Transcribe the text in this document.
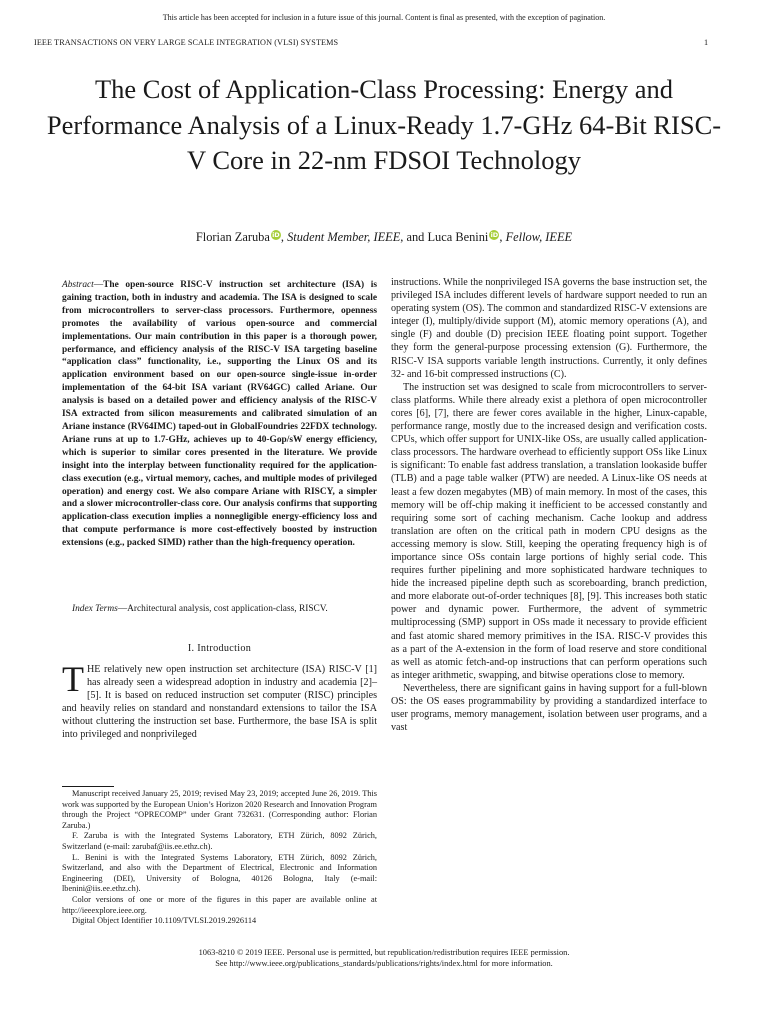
This article has been accepted for inclusion in a future issue of this journal. Content is final as presented, with the exception of pagination.
IEEE TRANSACTIONS ON VERY LARGE SCALE INTEGRATION (VLSI) SYSTEMS	1
The Cost of Application-Class Processing: Energy and Performance Analysis of a Linux-Ready 1.7-GHz 64-Bit RISC-V Core in 22-nm FDSOI Technology
Florian Zaruba iD, Student Member, IEEE, and Luca Benini iD, Fellow, IEEE
Abstract—The open-source RISC-V instruction set architecture (ISA) is gaining traction, both in industry and academia. The ISA is designed to scale from microcontrollers to server-class processors. Furthermore, openness promotes the availability of various open-source and commercial implementations. Our main contribution in this paper is a thorough power, performance, and efficiency analysis of the RISC-V ISA targeting baseline “application class” functionality, i.e., supporting the Linux OS and its application environment based on our open-source single-issue in-order implementation of the 64-bit ISA variant (RV64GC) called Ariane. Our analysis is based on a detailed power and efficiency analysis of the RISC-V ISA extracted from silicon measurements and calibrated simulation of an Ariane instance (RV64IMC) taped-out in GlobalFoundries 22FDX technology. Ariane runs at up to 1.7-GHz, achieves up to 40-Gop/sW energy efficiency, which is superior to similar cores presented in the literature. We provide insight into the interplay between functionality required for the application-class execution (e.g., virtual memory, caches, and multiple modes of privileged operation) and energy cost. We also compare Ariane with RISCY, a simpler and a slower microcontroller-class core. Our analysis confirms that supporting application-class execution implies a nonnegligible energy-efficiency loss and that compute performance is more cost-effectively boosted by instruction extensions (e.g., packed SIMD) rather than the high-frequency operation.
Index Terms—Architectural analysis, cost application-class, RISCV.
I. Introduction
THE relatively new open instruction set architecture (ISA) RISC-V [1] has already seen a widespread adoption in industry and academia [2]–[5]. It is based on reduced instruction set computer (RISC) principles and heavily relies on standard and nonstandard extensions to tailor the ISA without cluttering the instruction set base. Furthermore, the base ISA is split into privileged and nonprivileged

Manuscript received January 25, 2019; revised May 23, 2019; accepted June 26, 2019. This work was supported by the European Union’s Horizon 2020 Research and Innovation Program through the Project “OPRECOMP” under Grant 732631. (Corresponding author: Florian Zaruba.)

F. Zaruba is with the Integrated Systems Laboratory, ETH Zürich, 8092 Zürich, Switzerland (e-mail: zarubaf@iis.ee.ethz.ch).

L. Benini is with the Integrated Systems Laboratory, ETH Zürich, 8092 Zürich, Switzerland, and also with the Department of Electrical, Electronic and Information Engineering (DEI), University of Bologna, 40126 Bologna, Italy (e-mail: lbenini@iis.ee.ethz.ch).

Color versions of one or more of the figures in this paper are available online at http://ieeexplore.ieee.org.

Digital Object Identifier 10.1109/TVLSI.2019.2926114

instructions. While the nonprivileged ISA governs the base instruction set, the privileged ISA includes different levels of hardware support needed to run an operating system (OS). The common and standardized RISC-V extensions are integer (I), multiply/divide support (M), atomic memory operations (A), and single (F) and double (D) precision IEEE floating point support. Together they form the general-purpose processing extension (G). Furthermore, the RISC-V ISA supports variable length instructions. Currently, it only defines 32- and 16-bit compressed instructions (C).

The instruction set was designed to scale from microcontrollers to server-class platforms. While there already exist a plethora of open microcontroller cores [6], [7], there are fewer cores available in the higher, Linux-capable, performance range, mostly due to the increased design and verification costs. CPUs, which offer support for UNIX-like OSs, are usually called application-class processors. The hardware overhead to efficiently support OSs like Linux is significant: To enable fast address translation, a translation lookaside buffer (TLB) and a page table walker (PTW) are needed. A Linux-like OS needs at least a few dozen megabytes (MB) of main memory. In most of the cases, this memory will be off-chip making it inefficient to be accessed constantly and requiring some sort of caching mechanism. Cache lookup and address translation are often on the critical path in modern CPU designs as the accessing memory is slow. Still, keeping the operating frequency high is of importance since OSs contain large portions of highly serial code. This requires further pipelining and more sophisticated hardware techniques to hide the increased pipeline depth such as scoreboarding, branch prediction, and more elaborate out-of-order techniques [8], [9]. This increases both static power and dynamic power. Furthermore, the advent of symmetric multiprocessing (SMP) support in OSs made it necessary to provide efficient and fast atomic shared memory primitives in the ISA. RISC-V provides this as a part of the A-extension in the form of load reserve and store conditional as well as atomic fetch-and-op instructions that can perform operations such as integer arithmetic, swapping, and bitwise operations close to memory.

Nevertheless, there are significant gains in having support for a full-blown OS: the OS eases programmability by providing a standardized interface to user programs, memory management, isolation between user programs, and a vast

1063-8210 © 2019 IEEE. Personal use is permitted, but republication/redistribution requires IEEE permission.
See http://www.ieee.org/publications_standards/publications/rights/index.html for more information.
